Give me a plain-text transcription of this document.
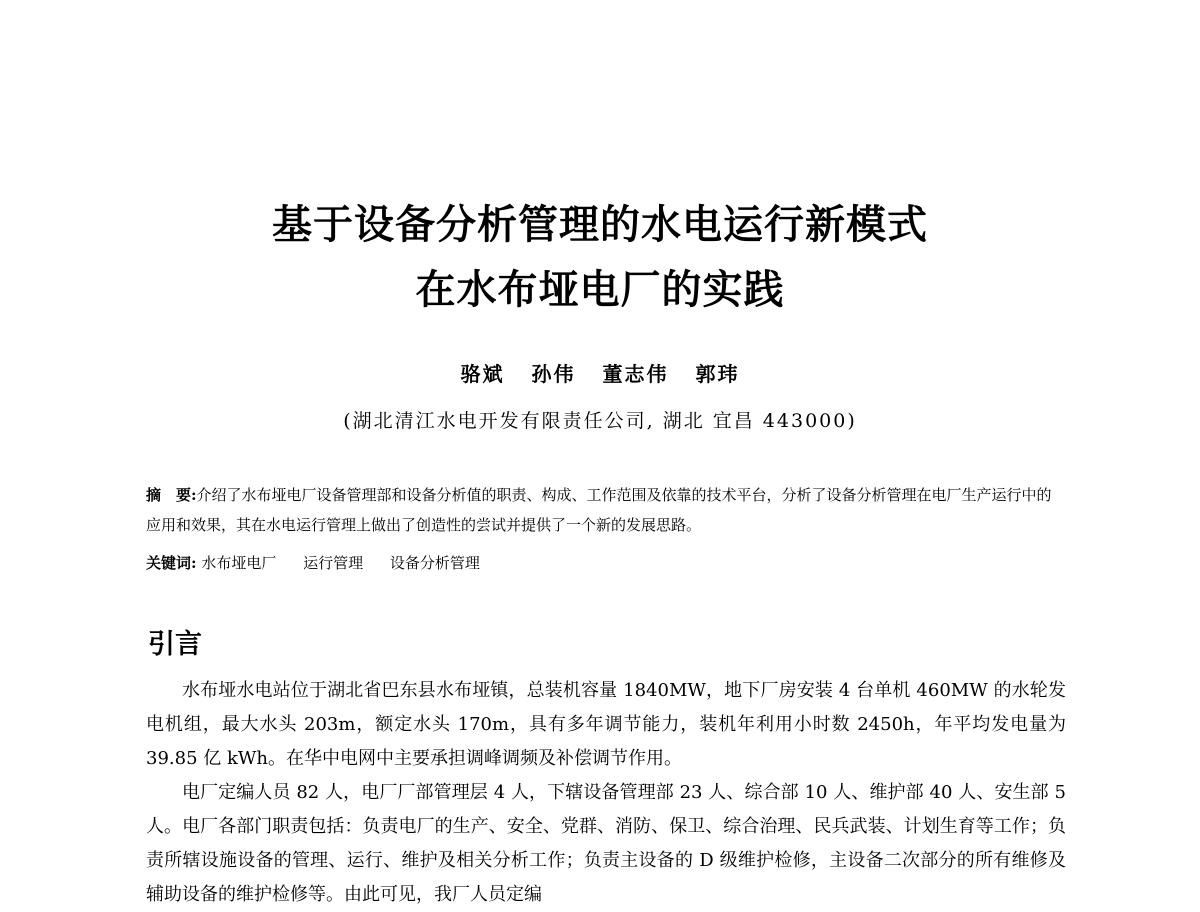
基于设备分析管理的水电运行新模式
在水布垭电厂的实践
骆斌 孙伟 董志伟 郭玮
(湖北清江水电开发有限责任公司, 湖北 宜昌 443000)
摘　要:介绍了水布垭电厂设备管理部和设备分析值的职责、构成、工作范围及依靠的技术平台，分析了设备分析管理在电厂生产运行中的应用和效果，其在水电运行管理上做出了创造性的尝试并提供了一个新的发展思路。
关键词: 水布垭电厂 运行管理 设备分析管理
引言

水布垭水电站位于湖北省巴东县水布垭镇，总装机容量 1840MW，地下厂房安装 4 台单机 460MW 的水轮发电机组，最大水头 203m，额定水头 170m，具有多年调节能力，装机年利用小时数 2450h，年平均发电量为 39.85 亿 kWh。在华中电网中主要承担调峰调频及补偿调节作用。

电厂定编人员 82 人，电厂厂部管理层 4 人，下辖设备管理部 23 人、综合部 10 人、维护部 40 人、安生部 5 人。电厂各部门职责包括：负责电厂的生产、安全、党群、消防、保卫、综合治理、民兵武装、计划生育等工作；负责所辖设施设备的管理、运行、维护及相关分析工作；负责主设备的 D 级维护检修，主设备二次部分的所有维修及辅助设备的维护检修等。由此可见，我厂人员定编
